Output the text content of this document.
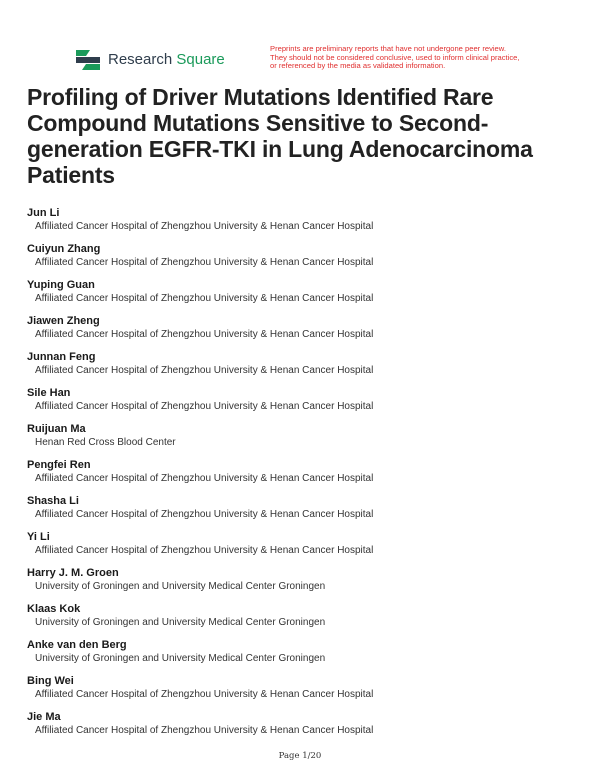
Research Square
Preprints are preliminary reports that have not undergone peer review.
They should not be considered conclusive, used to inform clinical practice,
or referenced by the media as validated information.
Profiling of Driver Mutations Identified Rare Compound Mutations Sensitive to Second-generation EGFR-TKI in Lung Adenocarcinoma Patients
Jun Li
Affiliated Cancer Hospital of Zhengzhou University & Henan Cancer Hospital
Cuiyun Zhang
Affiliated Cancer Hospital of Zhengzhou University & Henan Cancer Hospital
Yuping Guan
Affiliated Cancer Hospital of Zhengzhou University & Henan Cancer Hospital
Jiawen Zheng
Affiliated Cancer Hospital of Zhengzhou University & Henan Cancer Hospital
Junnan Feng
Affiliated Cancer Hospital of Zhengzhou University & Henan Cancer Hospital
Sile Han
Affiliated Cancer Hospital of Zhengzhou University & Henan Cancer Hospital
Ruijuan Ma
Henan Red Cross Blood Center
Pengfei Ren
Affiliated Cancer Hospital of Zhengzhou University & Henan Cancer Hospital
Shasha Li
Affiliated Cancer Hospital of Zhengzhou University & Henan Cancer Hospital
Yi Li
Affiliated Cancer Hospital of Zhengzhou University & Henan Cancer Hospital
Harry J. M. Groen
University of Groningen and University Medical Center Groningen
Klaas Kok
University of Groningen and University Medical Center Groningen
Anke van den Berg
University of Groningen and University Medical Center Groningen
Bing Wei
Affiliated Cancer Hospital of Zhengzhou University & Henan Cancer Hospital
Jie Ma
Affiliated Cancer Hospital of Zhengzhou University & Henan Cancer Hospital
Page 1/20
